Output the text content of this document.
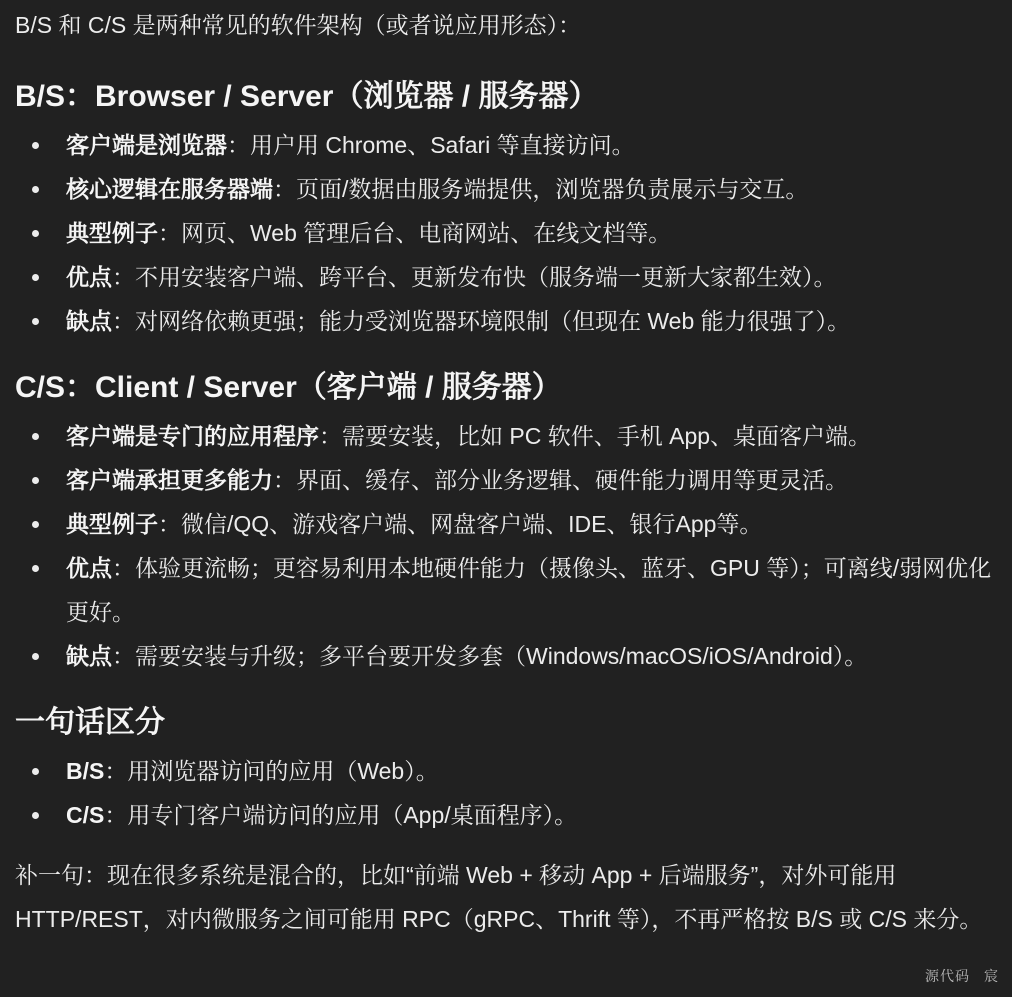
B/S 和 C/S 是两种常见的软件架构（或者说应用形态）：

B/S：Browser / Server（浏览器 / 服务器）
客户端是浏览器：用户用 Chrome、Safari 等直接访问。
核心逻辑在服务器端：页面/数据由服务端提供，浏览器负责展示与交互。
典型例子：网页、Web 管理后台、电商网站、在线文档等。
优点：不用安装客户端、跨平台、更新发布快（服务端一更新大家都生效）。
缺点：对网络依赖更强；能力受浏览器环境限制（但现在 Web 能力很强了）。
C/S：Client / Server（客户端 / 服务器）
客户端是专门的应用程序：需要安装，比如 PC 软件、手机 App、桌面客户端。
客户端承担更多能力：界面、缓存、部分业务逻辑、硬件能力调用等更灵活。
典型例子：微信/QQ、游戏客户端、网盘客户端、IDE、银行App等。
优点：体验更流畅；更容易利用本地硬件能力（摄像头、蓝牙、GPU 等）；可离线/弱网优化更好。
缺点：需要安装与升级；多平台要开发多套（Windows/macOS/iOS/Android）。
一句话区分
B/S：用浏览器访问的应用（Web）。
C/S：用专门客户端访问的应用（App/桌面程序）。

补一句：现在很多系统是混合的，比如“前端 Web + 移动 App + 后端服务”，对外可能用 HTTP/REST，对内微服务之间可能用 RPC（gRPC、Thrift 等），不再严格按 B/S 或 C/S 来分。

源代码 宸
